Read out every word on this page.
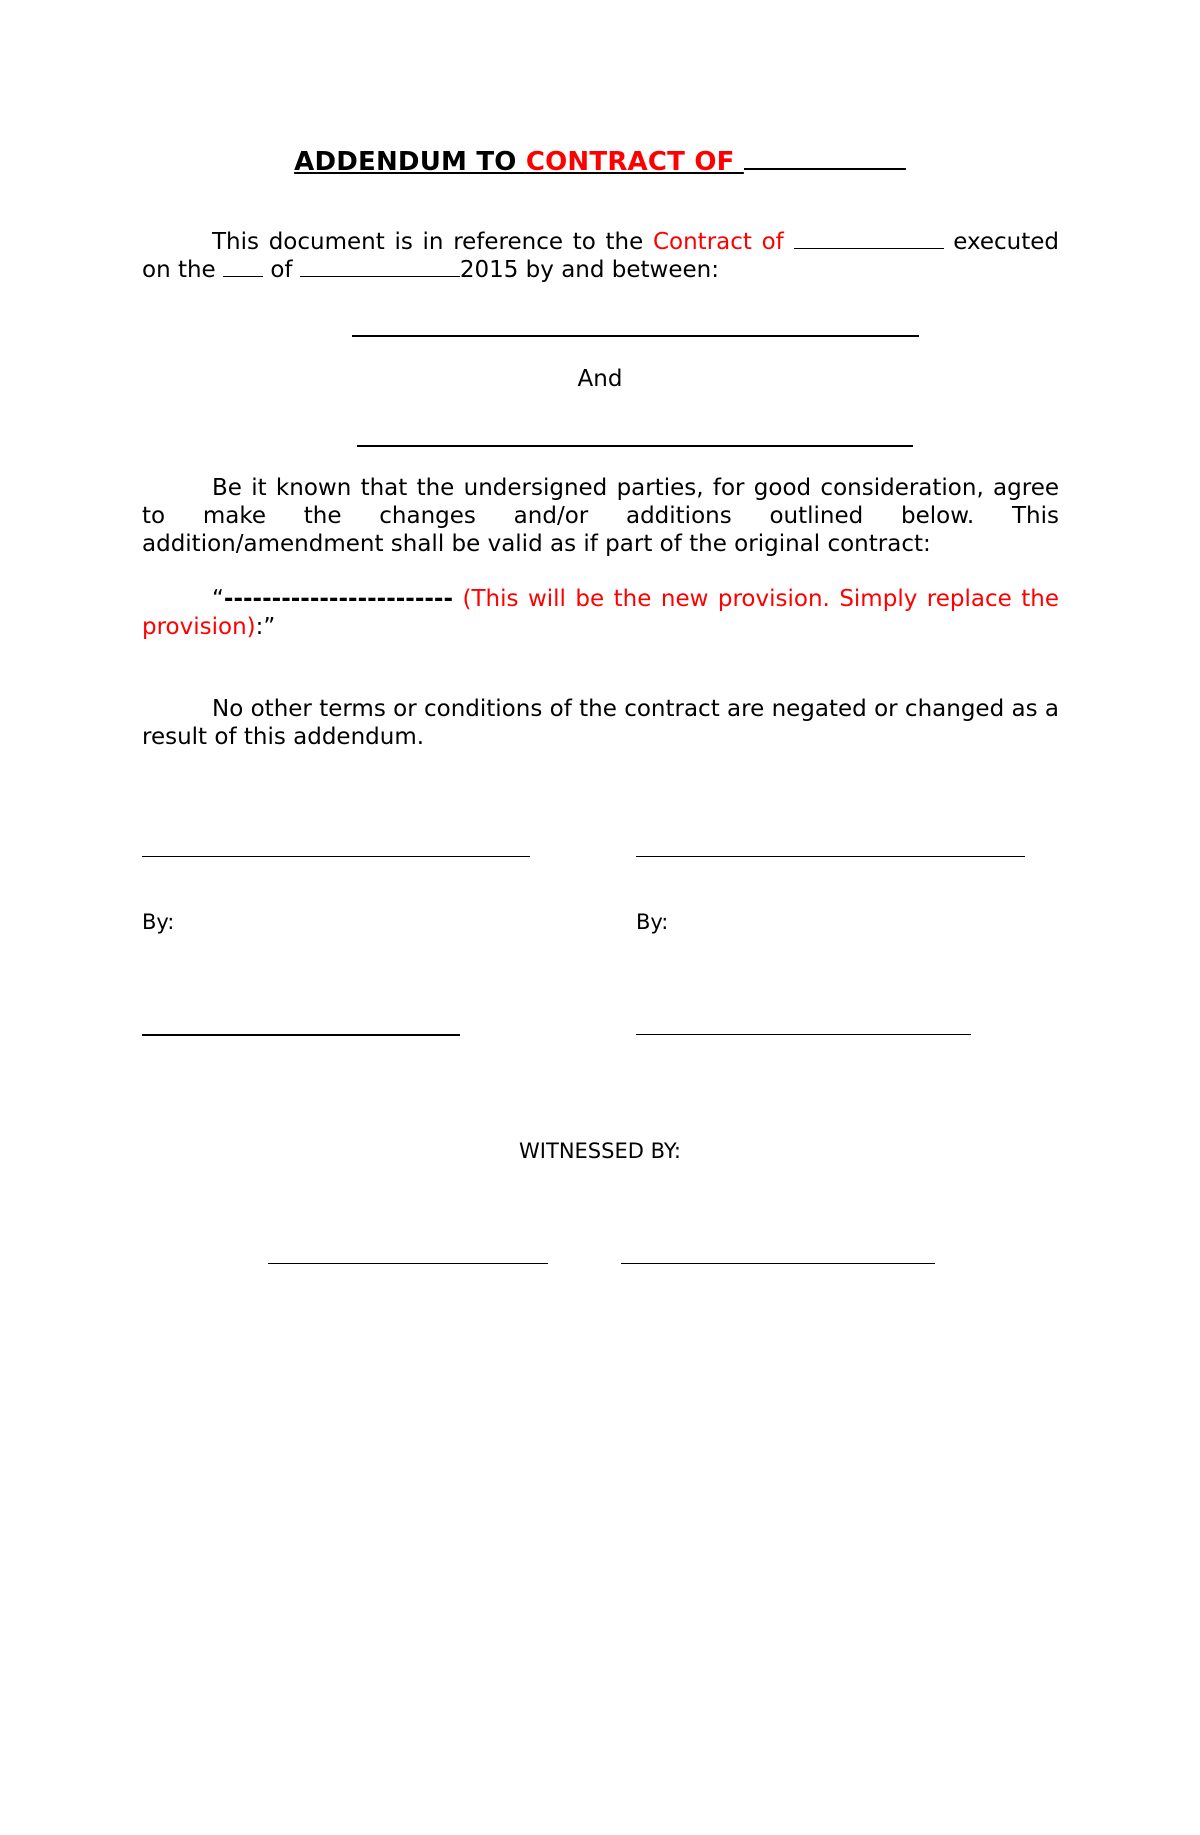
ADDENDUM TO CONTRACT OF
This document is in reference to the Contract of	executed on the  of	2015 by and between:
And
Be it known that the undersigned parties, for good consideration, agree to make the changes and/or additions outlined below. This addition/amendment shall be valid as if part of the original contract:
“------------------------ (This will be the new provision. Simply replace the provision):”
No other terms or conditions of the contract are negated or changed as a result of this addendum.
By:	By:
WITNESSED BY:
